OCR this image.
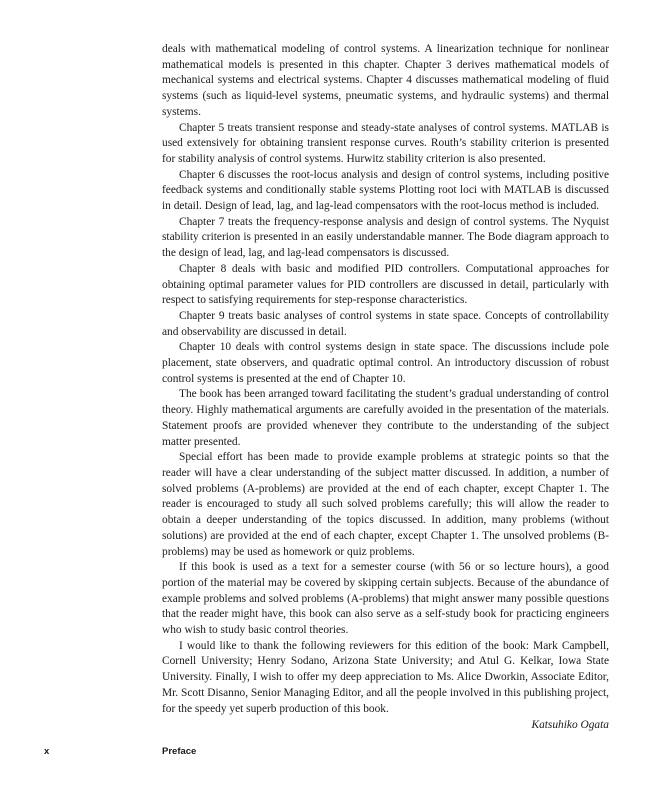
deals with mathematical modeling of control systems. A linearization technique for nonlinear mathematical models is presented in this chapter. Chapter 3 derives mathematical models of mechanical systems and electrical systems. Chapter 4 discusses mathematical modeling of fluid systems (such as liquid-level systems, pneumatic systems, and hydraulic systems) and thermal systems.

Chapter 5 treats transient response and steady-state analyses of control systems. MATLAB is used extensively for obtaining transient response curves. Routh’s stability criterion is presented for stability analysis of control systems. Hurwitz stability criterion is also presented.

Chapter 6 discusses the root-locus analysis and design of control systems, including positive feedback systems and conditionally stable systems Plotting root loci with MATLAB is discussed in detail. Design of lead, lag, and lag-lead compensators with the root-locus method is included.

Chapter 7 treats the frequency-response analysis and design of control systems. The Nyquist stability criterion is presented in an easily understandable manner. The Bode diagram approach to the design of lead, lag, and lag-lead compensators is discussed.

Chapter 8 deals with basic and modified PID controllers. Computational approaches for obtaining optimal parameter values for PID controllers are discussed in detail, particularly with respect to satisfying requirements for step-response characteristics.

Chapter 9 treats basic analyses of control systems in state space. Concepts of controllability and observability are discussed in detail.

Chapter 10 deals with control systems design in state space. The discussions include pole placement, state observers, and quadratic optimal control. An introductory discussion of robust control systems is presented at the end of Chapter 10.

The book has been arranged toward facilitating the student’s gradual understanding of control theory. Highly mathematical arguments are carefully avoided in the presentation of the materials. Statement proofs are provided whenever they contribute to the understanding of the subject matter presented.

Special effort has been made to provide example problems at strategic points so that the reader will have a clear understanding of the subject matter discussed. In addition, a number of solved problems (A-problems) are provided at the end of each chapter, except Chapter 1. The reader is encouraged to study all such solved problems carefully; this will allow the reader to obtain a deeper understanding of the topics discussed. In addition, many problems (without solutions) are provided at the end of each chapter, except Chapter 1. The unsolved problems (B-problems) may be used as homework or quiz problems.

If this book is used as a text for a semester course (with 56 or so lecture hours), a good portion of the material may be covered by skipping certain subjects. Because of the abundance of example problems and solved problems (A-problems) that might answer many possible questions that the reader might have, this book can also serve as a self-study book for practicing engineers who wish to study basic control theories.

I would like to thank the following reviewers for this edition of the book: Mark Campbell, Cornell University; Henry Sodano, Arizona State University; and Atul G. Kelkar, Iowa State University. Finally, I wish to offer my deep appreciation to Ms. Alice Dworkin, Associate Editor, Mr. Scott Disanno, Senior Managing Editor, and all the people involved in this publishing project, for the speedy yet superb production of this book.

Katsuhiko Ogata

x	Preface
